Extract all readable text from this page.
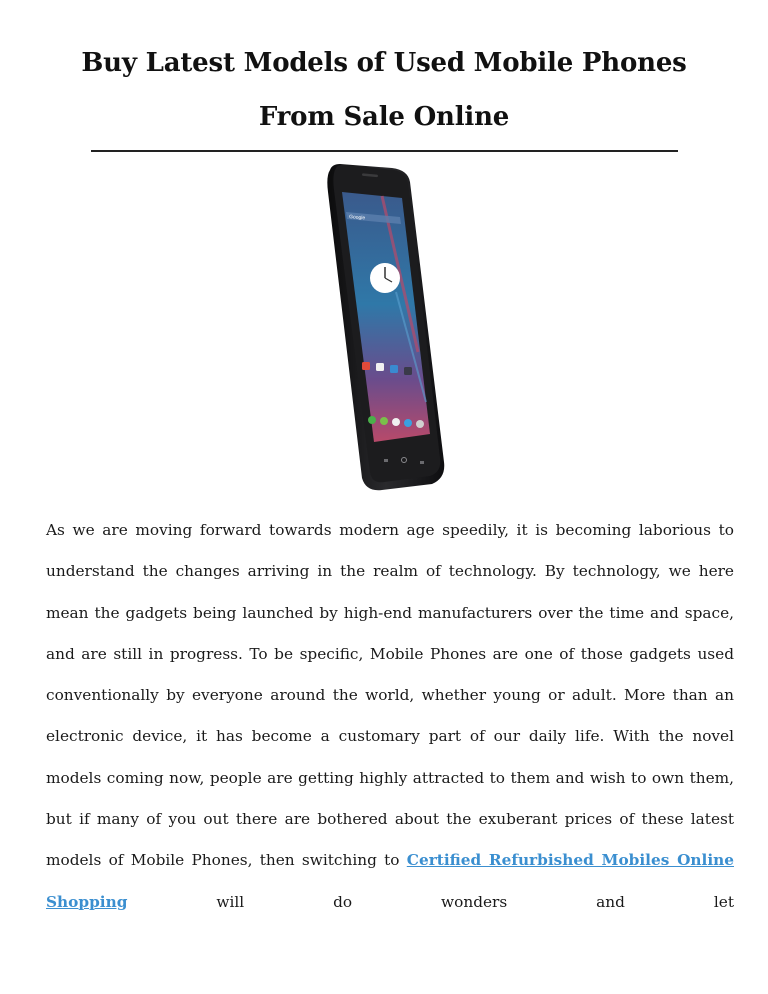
Buy Latest Models of Used Mobile Phones
From Sale Online
Google
As we are moving forward towards modern age speedily, it is becoming laborious to understand the changes arriving in the realm of technology. By technology, we here mean the gadgets being launched by high-end manufacturers over the time and space, and are still in progress. To be specific, Mobile Phones are one of those gadgets used conventionally by everyone around the world, whether young or adult. More than an electronic device, it has become a customary part of our daily life. With the novel models coming now, people are getting highly attracted to them and wish to own them, but if many of you out there are bothered about the exuberant prices of these latest models of Mobile Phones, then switching to Certified Refurbished Mobiles Online Shopping will do wonders and let
